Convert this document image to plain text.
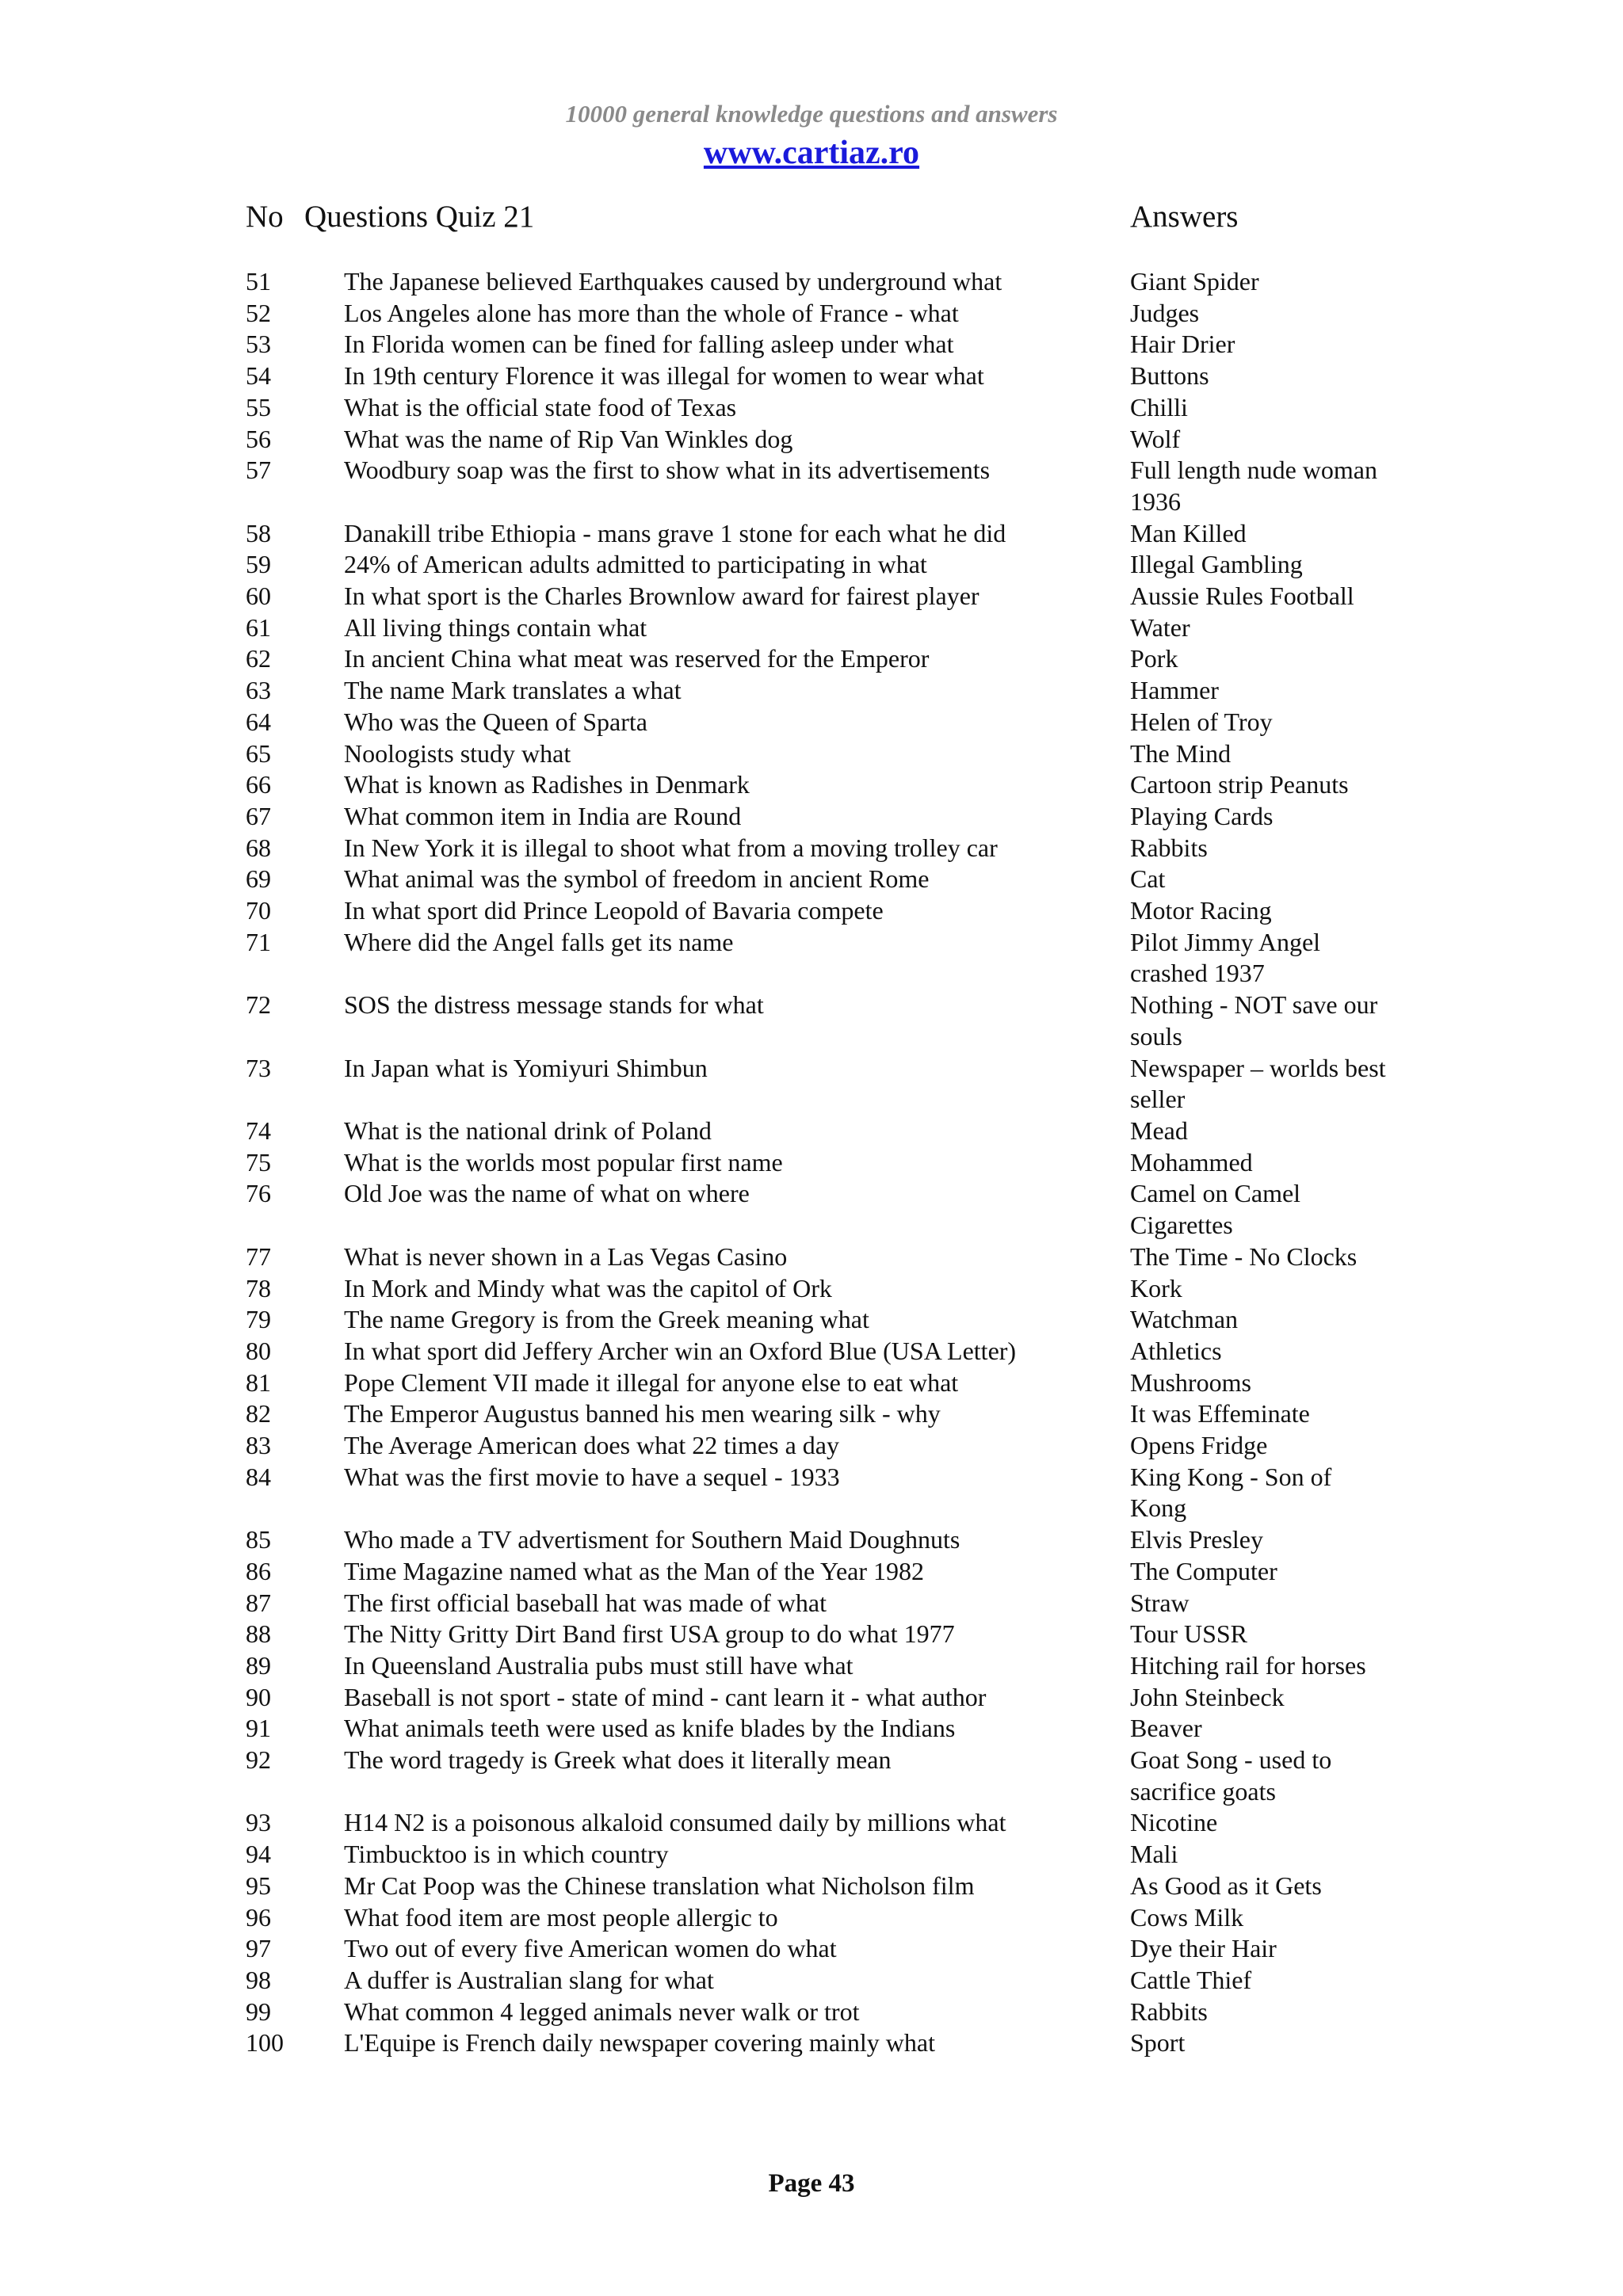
10000 general knowledge questions and answers
www.cartiaz.ro
No Questions Quiz 21	Answers
51	The Japanese believed Earthquakes caused by underground what	Giant Spider
52	Los Angeles alone has more than the whole of France - what	Judges
53	In Florida women can be fined for falling asleep under what	Hair Drier
54	In 19th century Florence it was illegal for women to wear what	Buttons
55	What is the official state food of Texas	Chilli
56	What was the name of Rip Van Winkles dog	Wolf
57	Woodbury soap was the first to show what in its advertisements	Full length nude woman 1936
58	Danakill tribe Ethiopia - mans grave 1 stone for each what he did	Man Killed
59	24% of American adults admitted to participating in what	Illegal Gambling
60	In what sport is the Charles Brownlow award for fairest player	Aussie Rules Football
61	All living things contain what	Water
62	In ancient China what meat was reserved for the Emperor	Pork
63	The name Mark translates a what	Hammer
64	Who was the Queen of Sparta	Helen of Troy
65	Noologists study what	The Mind
66	What is known as Radishes in Denmark	Cartoon strip Peanuts
67	What common item in India are Round	Playing Cards
68	In New York it is illegal to shoot what from a moving trolley car	Rabbits
69	What animal was the symbol of freedom in ancient Rome	Cat
70	In what sport did Prince Leopold of Bavaria compete	Motor Racing
71	Where did the Angel falls get its name	Pilot Jimmy Angel crashed 1937
72	SOS the distress message stands for what	Nothing - NOT save our souls
73	In Japan what is Yomiyuri Shimbun	Newspaper – worlds best seller
74	What is the national drink of Poland	Mead
75	What is the worlds most popular first name	Mohammed
76	Old Joe was the name of what on where	Camel on Camel Cigarettes
77	What is never shown in a Las Vegas Casino	The Time - No Clocks
78	In Mork and Mindy what was the capitol of Ork	Kork
79	The name Gregory is from the Greek meaning what	Watchman
80	In what sport did Jeffery Archer win an Oxford Blue (USA Letter)	Athletics
81	Pope Clement VII made it illegal for anyone else to eat what	Mushrooms
82	The Emperor Augustus banned his men wearing silk - why	It was Effeminate
83	The Average American does what 22 times a day	Opens Fridge
84	What was the first movie to have a sequel - 1933	King Kong - Son of Kong
85	Who made a TV advertisment for Southern Maid Doughnuts	Elvis Presley
86	Time Magazine named what as the Man of the Year 1982	The Computer
87	The first official baseball hat was made of what	Straw
88	The Nitty Gritty Dirt Band first USA group to do what 1977	Tour USSR
89	In Queensland Australia pubs must still have what	Hitching rail for horses
90	Baseball is not sport - state of mind - cant learn it - what author	John Steinbeck
91	What animals teeth were used as knife blades by the Indians	Beaver
92	The word tragedy is Greek what does it literally mean	Goat Song - used to sacrifice goats
93	H14 N2 is a poisonous alkaloid consumed daily by millions what	Nicotine
94	Timbucktoo is in which country	Mali
95	Mr Cat Poop was the Chinese translation what Nicholson film	As Good as it Gets
96	What food item are most people allergic to	Cows Milk
97	Two out of every five American women do what	Dye their Hair
98	A duffer is Australian slang for what	Cattle Thief
99	What common 4 legged animals never walk or trot	Rabbits
100 L'Equipe is French daily newspaper covering mainly what	Sport
Page 43
